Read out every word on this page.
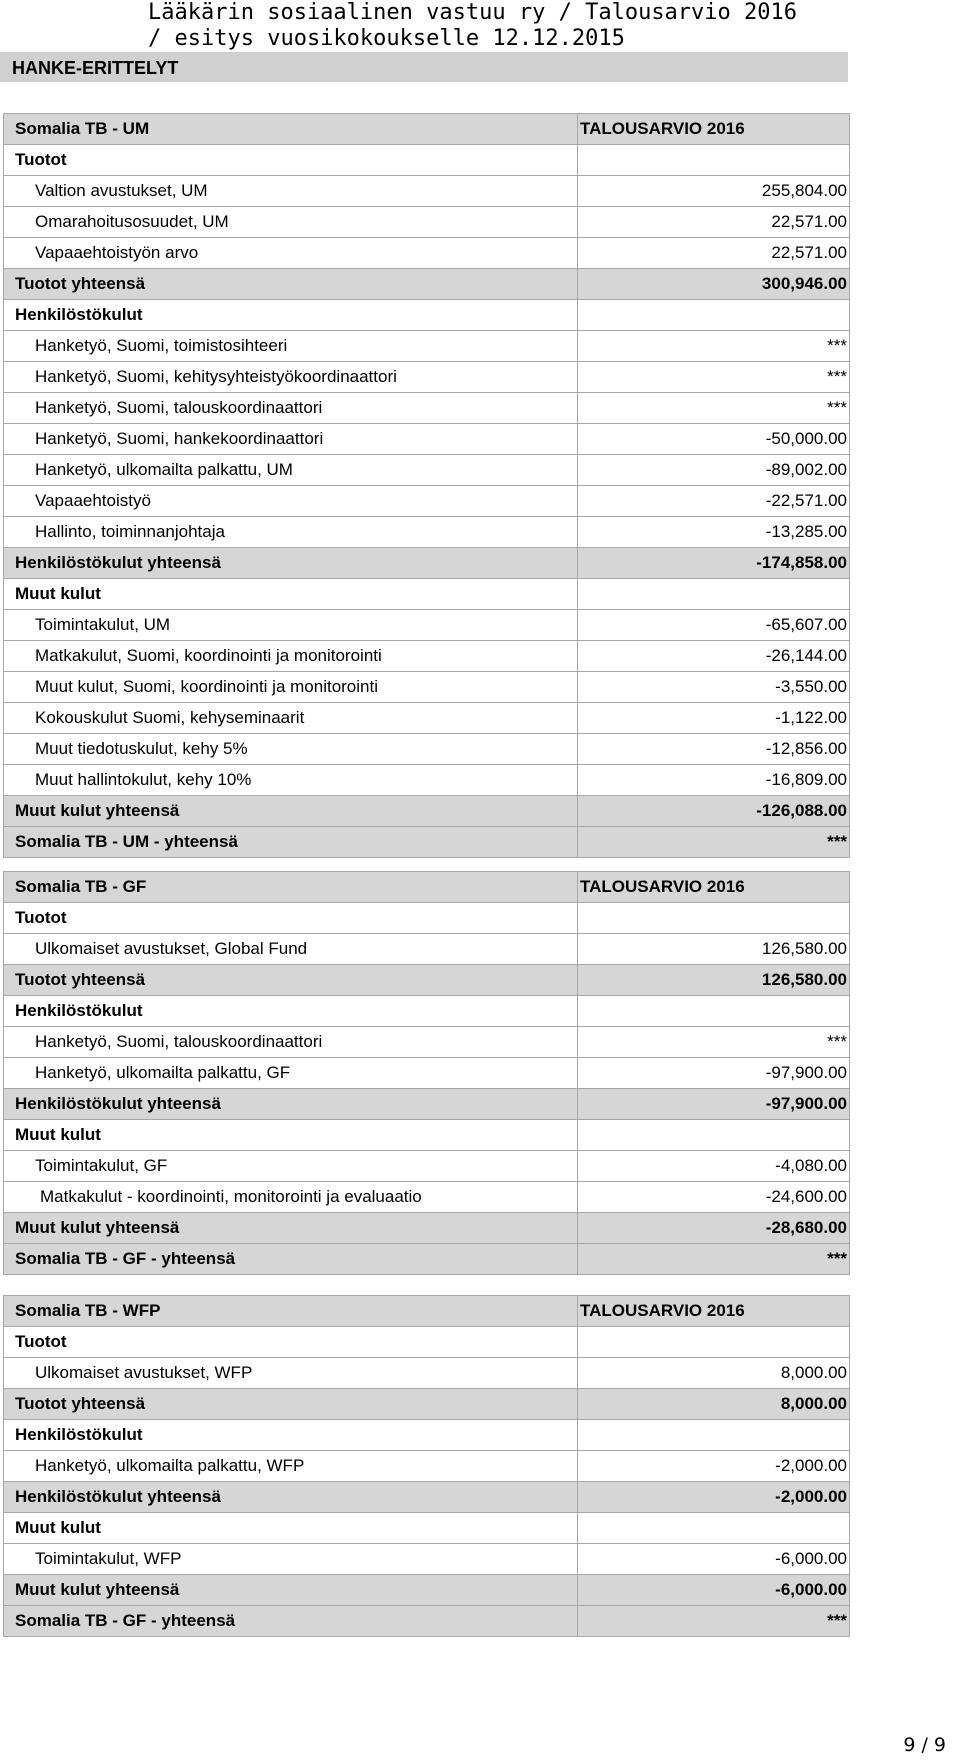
Lääkärin sosiaalinen vastuu ry / Talousarvio 2016
/ esitys vuosikokoukselle 12.12.2015
HANKE-ERITTELYT
Somalia TB - UM	TALOUSARVIO 2016
Tuotot	
Valtion avustukset, UM	255,804.00
Omarahoitusosuudet, UM	22,571.00
Vapaaehtoistyön arvo	22,571.00
Tuotot yhteensä	300,946.00
Henkilöstökulut	
Hanketyö, Suomi, toimistosihteeri	***
Hanketyö, Suomi, kehitysyhteistyökoordinaattori	***
Hanketyö, Suomi, talouskoordinaattori	***
Hanketyö, Suomi, hankekoordinaattori	-50,000.00
Hanketyö, ulkomailta palkattu, UM	-89,002.00
Vapaaehtoistyö	-22,571.00
Hallinto, toiminnanjohtaja	-13,285.00
Henkilöstökulut yhteensä	-174,858.00
Muut kulut	
Toimintakulut, UM	-65,607.00
Matkakulut, Suomi, koordinointi ja monitorointi	-26,144.00
Muut kulut, Suomi, koordinointi ja monitorointi	-3,550.00
Kokouskulut Suomi, kehyseminaarit	-1,122.00
Muut tiedotuskulut, kehy 5%	-12,856.00
Muut hallintokulut, kehy 10%	-16,809.00
Muut kulut yhteensä	-126,088.00
Somalia TB - UM - yhteensä	***
Somalia TB - GF	TALOUSARVIO 2016
Tuotot	
Ulkomaiset avustukset, Global Fund	126,580.00
Tuotot yhteensä	126,580.00
Henkilöstökulut	
Hanketyö, Suomi, talouskoordinaattori	***
Hanketyö, ulkomailta palkattu, GF	-97,900.00
Henkilöstökulut yhteensä	-97,900.00
Muut kulut	
Toimintakulut, GF	-4,080.00
Matkakulut - koordinointi, monitorointi ja evaluaatio	-24,600.00
Muut kulut yhteensä	-28,680.00
Somalia TB - GF - yhteensä	***
Somalia TB - WFP	TALOUSARVIO 2016
Tuotot	
Ulkomaiset avustukset, WFP	8,000.00
Tuotot yhteensä	8,000.00
Henkilöstökulut	
Hanketyö, ulkomailta palkattu, WFP	-2,000.00
Henkilöstökulut yhteensä	-2,000.00
Muut kulut	
Toimintakulut, WFP	-6,000.00
Muut kulut yhteensä	-6,000.00
Somalia TB - GF - yhteensä	***
9 / 9
